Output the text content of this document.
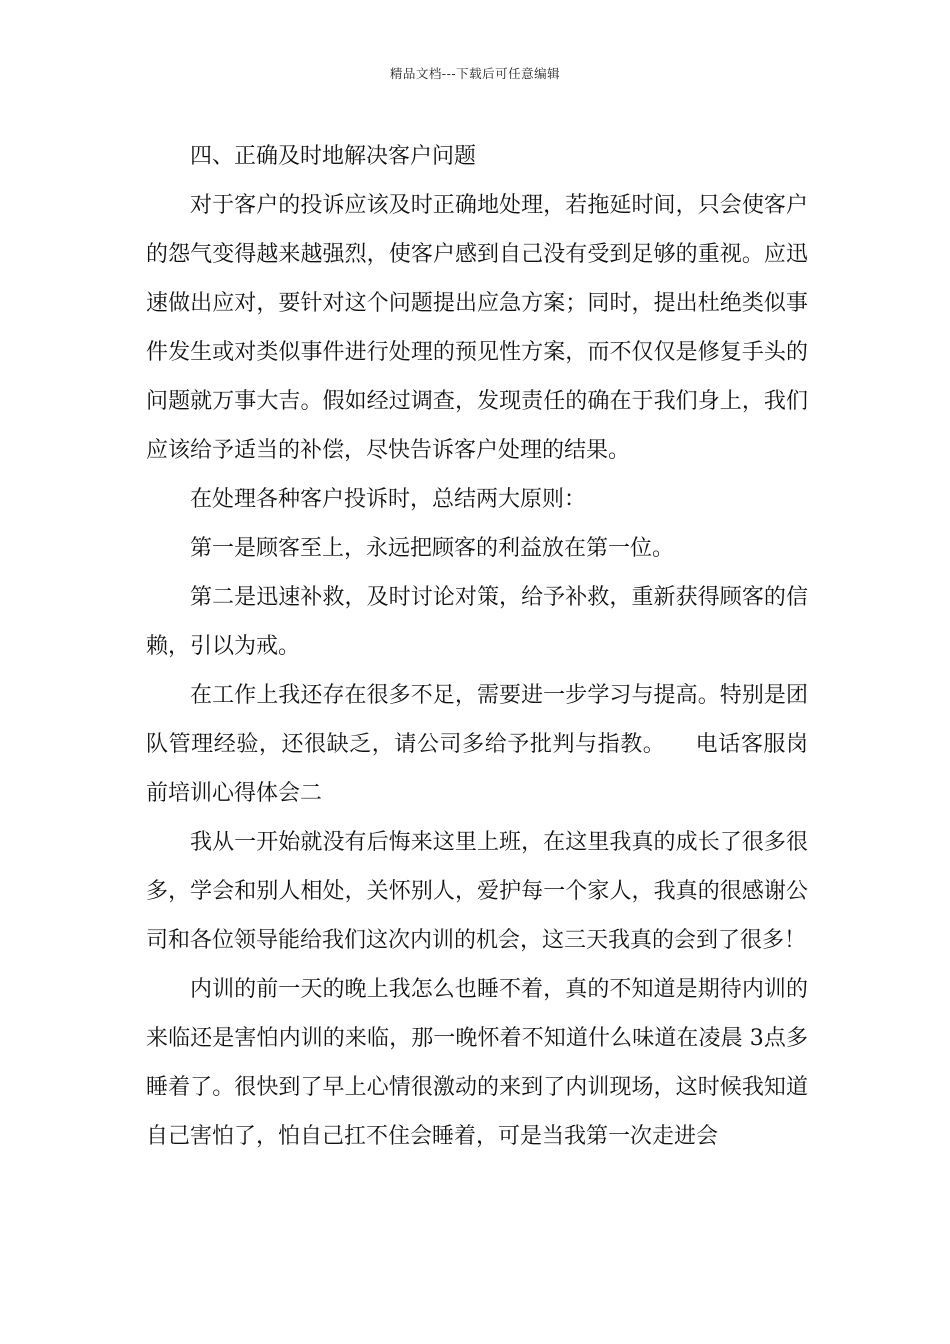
精品文档---下载后可任意编辑

四、正确及时地解决客户问题

对于客户的投诉应该及时正确地处理，若拖延时间，只会使客户的怨气变得越来越强烈，使客户感到自己没有受到足够的重视。应迅速做出应对，要针对这个问题提出应急方案；同时，提出杜绝类似事件发生或对类似事件进行处理的预见性方案，而不仅仅是修复手头的问题就万事大吉。假如经过调查，发现责任的确在于我们身上，我们应该给予适当的补偿，尽快告诉客户处理的结果。

在处理各种客户投诉时，总结两大原则：

第一是顾客至上，永远把顾客的利益放在第一位。

第二是迅速补救，及时讨论对策，给予补救，重新获得顾客的信赖，引以为戒。

在工作上我还存在很多不足，需要进一步学习与提高。特别是团队管理经验，还很缺乏，请公司多给予批判与指教。    电话客服岗前培训心得体会二

我从一开始就没有后悔来这里上班，在这里我真的成长了很多很多，学会和别人相处，关怀别人，爱护每一个家人，我真的很感谢公司和各位领导能给我们这次内训的机会，这三天我真的会到了很多！

内训的前一天的晚上我怎么也睡不着，真的不知道是期待内训的来临还是害怕内训的来临，那一晚怀着不知道什么味道在凌晨 3点多睡着了。很快到了早上心情很激动的来到了内训现场，这时候我知道自己害怕了，怕自己扛不住会睡着，可是当我第一次走进会
